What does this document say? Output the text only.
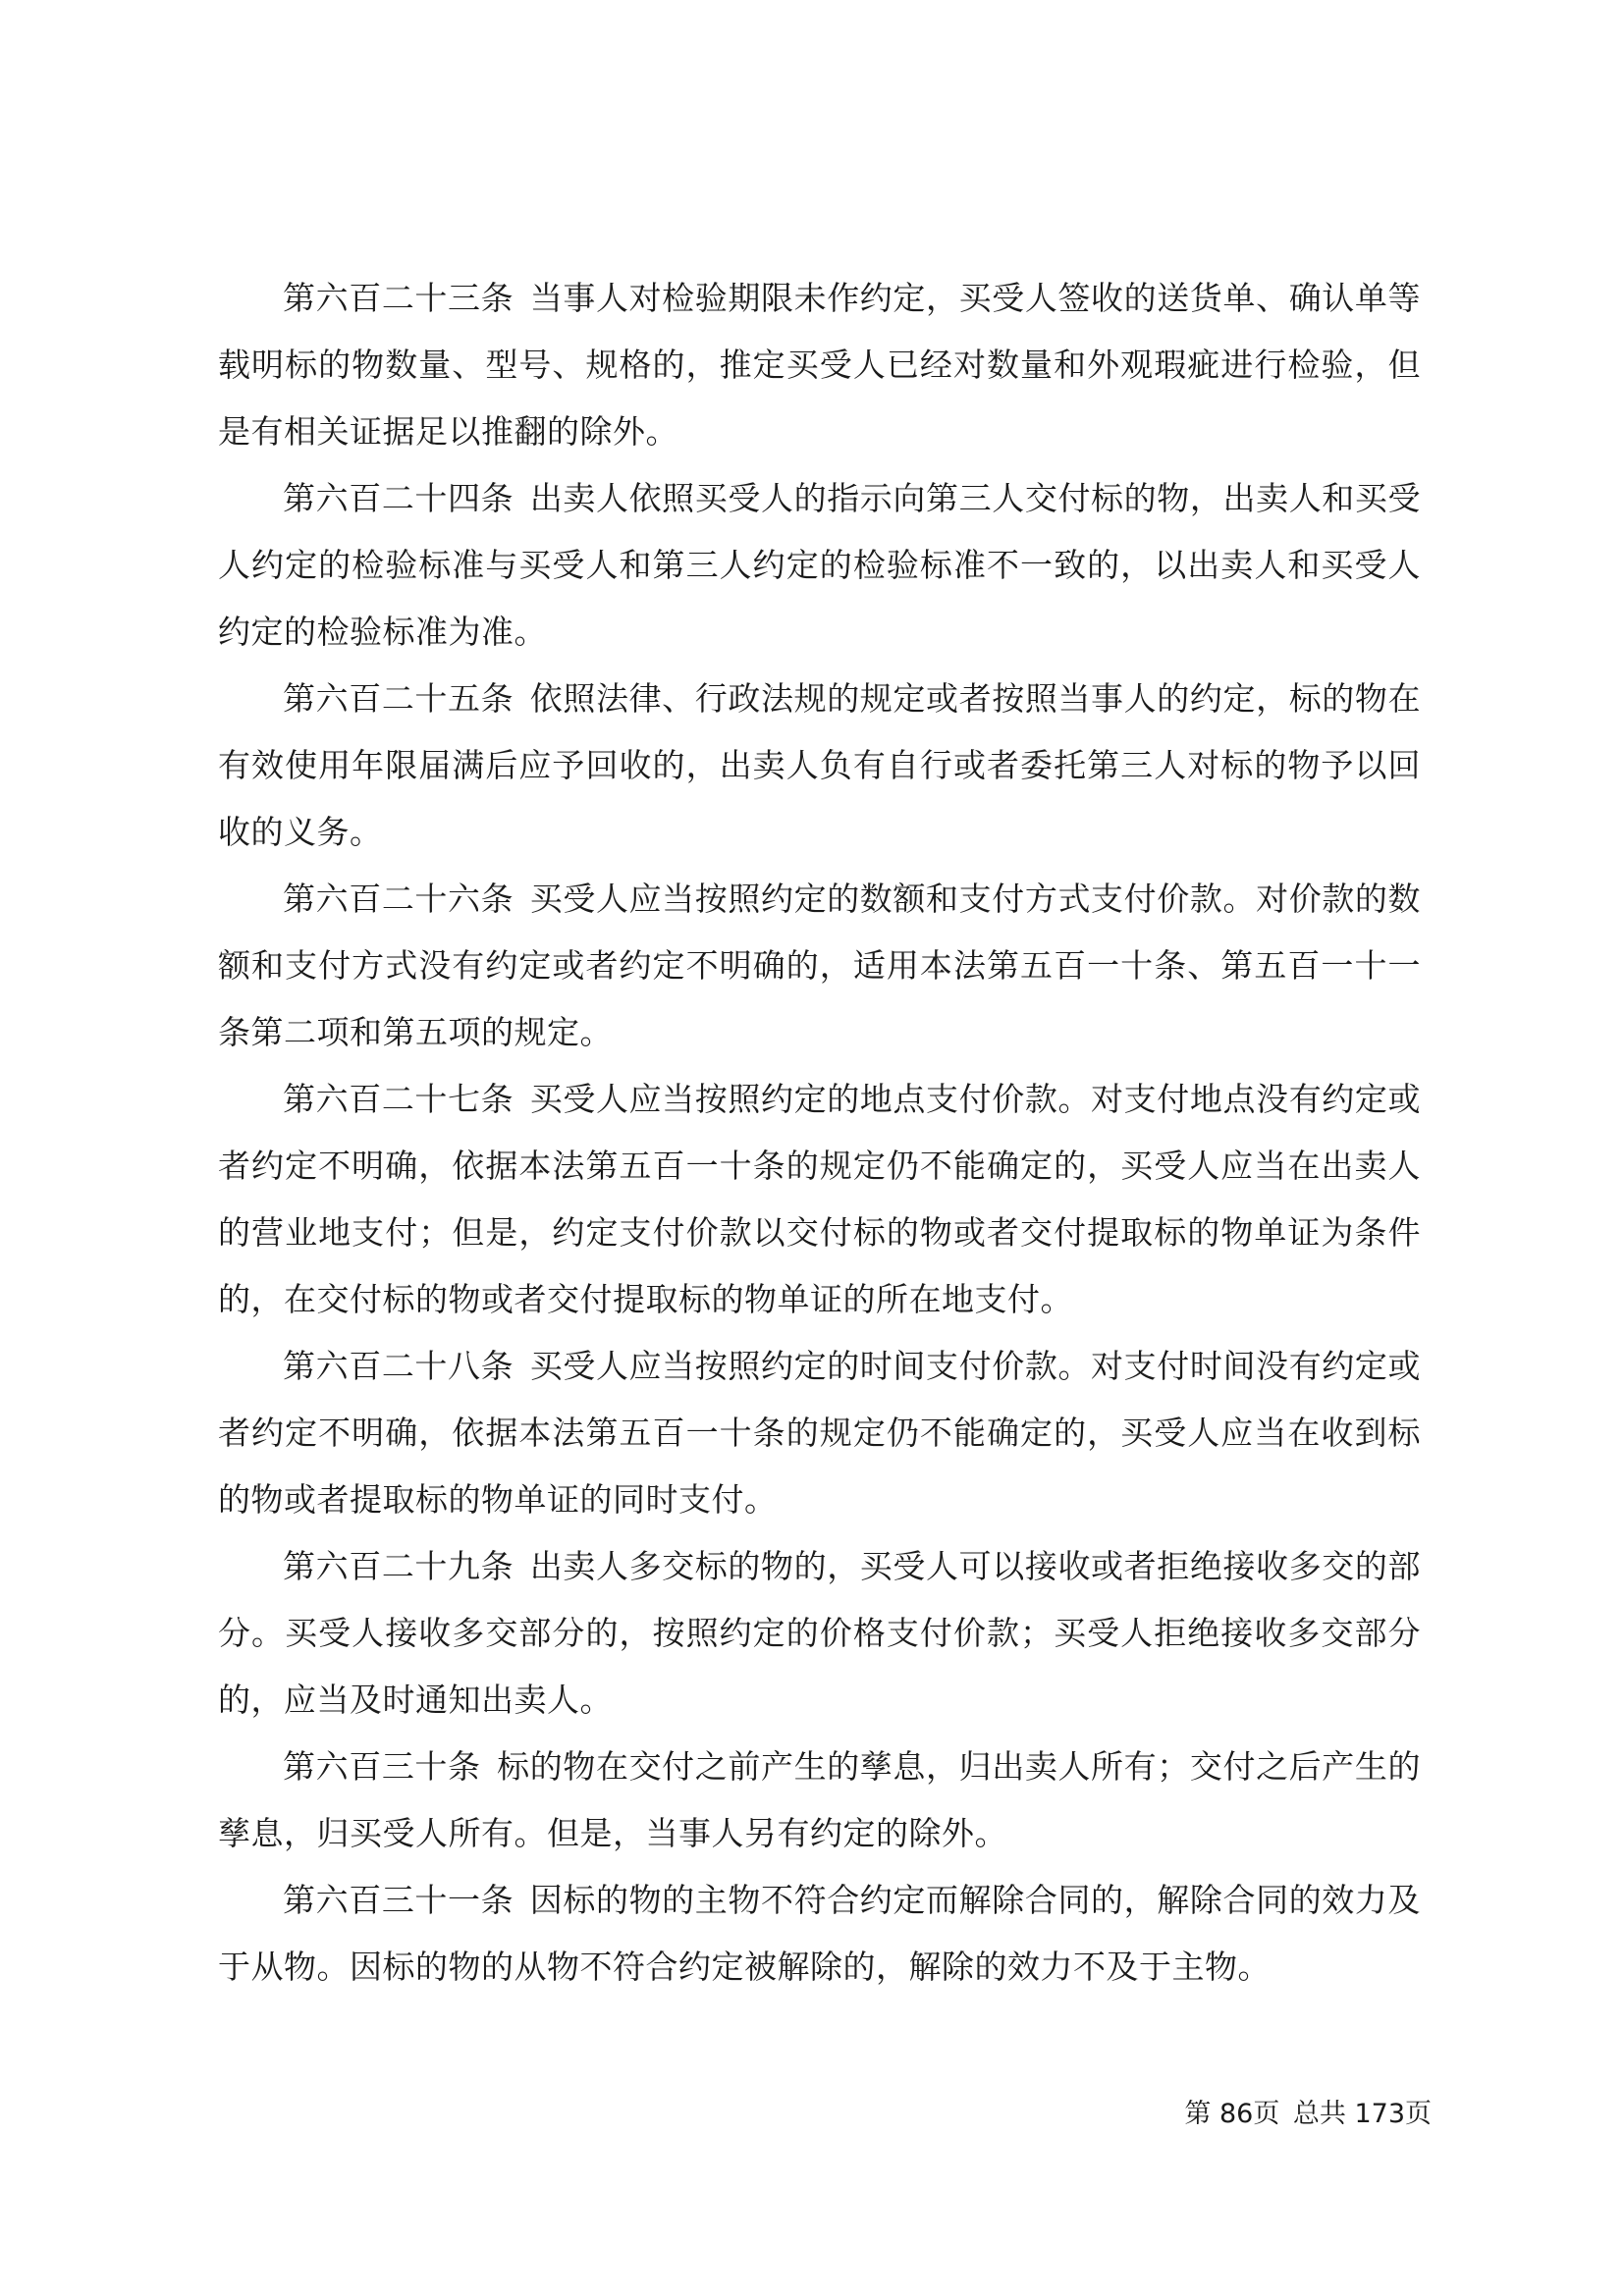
第六百二十三条 当事人对检验期限未作约定，买受人签收的送货单、确认单等载明标的物数量、型号、规格的，推定买受人已经对数量和外观瑕疵进行检验，但是有相关证据足以推翻的除外。

第六百二十四条 出卖人依照买受人的指示向第三人交付标的物，出卖人和买受人约定的检验标准与买受人和第三人约定的检验标准不一致的，以出卖人和买受人约定的检验标准为准。

第六百二十五条 依照法律、行政法规的规定或者按照当事人的约定，标的物在有效使用年限届满后应予回收的，出卖人负有自行或者委托第三人对标的物予以回收的义务。

第六百二十六条 买受人应当按照约定的数额和支付方式支付价款。对价款的数额和支付方式没有约定或者约定不明确的，适用本法第五百一十条、第五百一十一条第二项和第五项的规定。

第六百二十七条 买受人应当按照约定的地点支付价款。对支付地点没有约定或者约定不明确，依据本法第五百一十条的规定仍不能确定的，买受人应当在出卖人的营业地支付；但是，约定支付价款以交付标的物或者交付提取标的物单证为条件的，在交付标的物或者交付提取标的物单证的所在地支付。

第六百二十八条 买受人应当按照约定的时间支付价款。对支付时间没有约定或者约定不明确，依据本法第五百一十条的规定仍不能确定的，买受人应当在收到标的物或者提取标的物单证的同时支付。

第六百二十九条 出卖人多交标的物的，买受人可以接收或者拒绝接收多交的部分。买受人接收多交部分的，按照约定的价格支付价款；买受人拒绝接收多交部分的，应当及时通知出卖人。

第六百三十条 标的物在交付之前产生的孳息，归出卖人所有；交付之后产生的孳息，归买受人所有。但是，当事人另有约定的除外。

第六百三十一条 因标的物的主物不符合约定而解除合同的，解除合同的效力及于从物。因标的物的从物不符合约定被解除的，解除的效力不及于主物。

第 86页 总共 173页
